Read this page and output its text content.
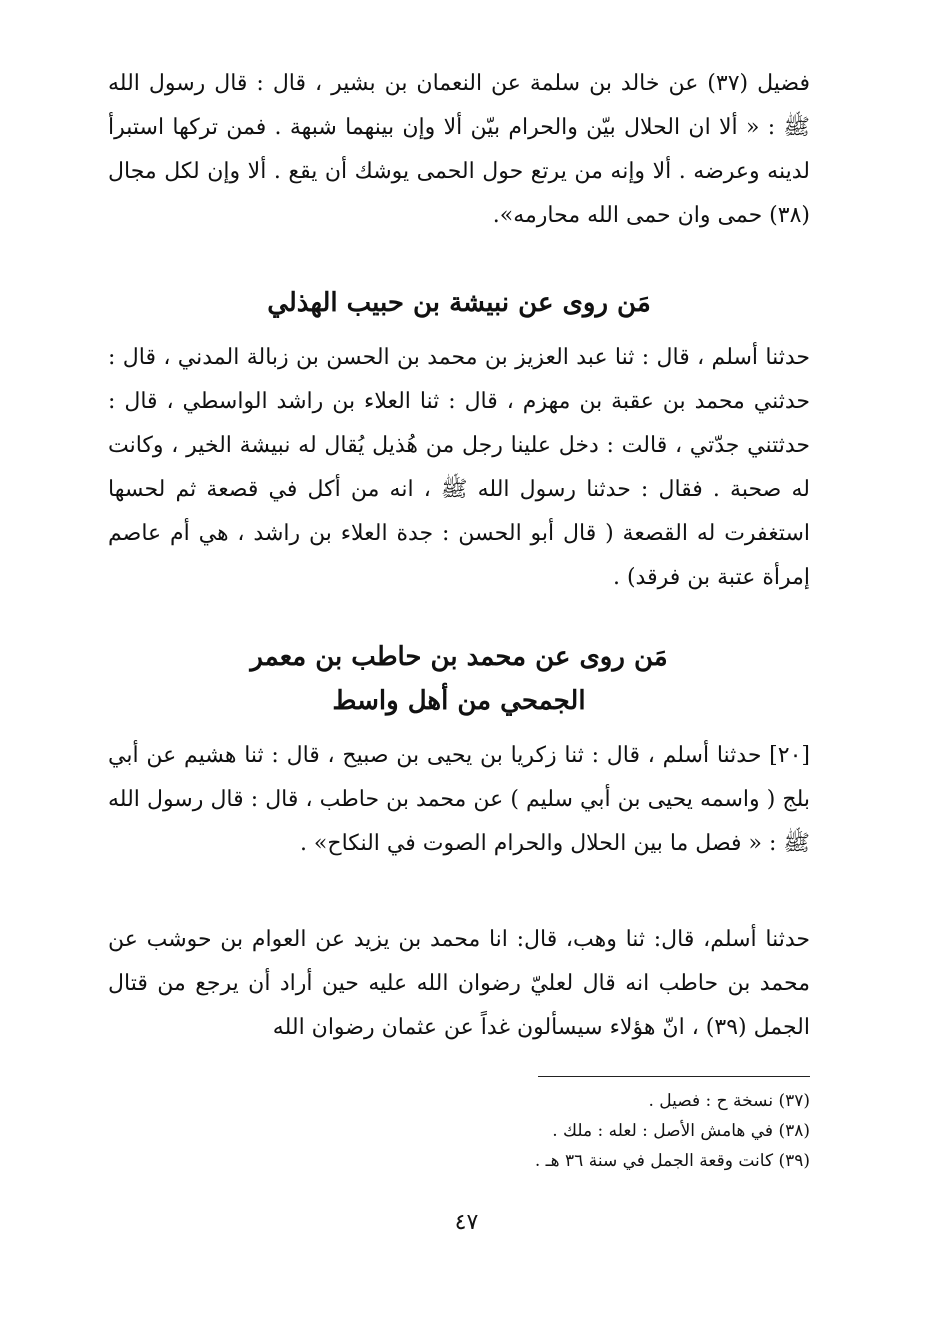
فضيل (٣٧) عن خالد بن سلمة عن النعمان بن بشير ، قال : قال رسول الله ﷺ : « ألا ان الحلال بيّن والحرام بيّن ألا وإن بينهما شبهة . فمن تركها استبرأ لدينه وعرضه . ألا وإنه من يرتع حول الحمى يوشك أن يقع . ألا وإن لكل مجال (٣٨) حمى وان حمى الله محارمه».

مَن روى عن نبيشة بن حبيب الهذلي

حدثنا أسلم ، قال : ثنا عبد العزيز بن محمد بن الحسن بن زبالة المدني ، قال : حدثني محمد بن عقبة بن مهزم ، قال : ثنا العلاء بن راشد الواسطي ، قال : حدثتني جدّتي ، قالت : دخل علينا رجل من هُذيل يُقال له نبيشة الخير ، وكانت له صحبة . فقال : حدثنا رسول الله ﷺ ، انه من أكل في قصعة ثم لحسها استغفرت له القصعة ( قال أبو الحسن : جدة العلاء بن راشد ، هي أم عاصم إمرأة عتبة بن فرقد) .

مَن روى عن محمد بن حاطب بن معمر
الجمحي من أهل واسط

[٢٠] حدثنا أسلم ، قال : ثنا زكريا بن يحيى بن صبيح ، قال : ثنا هشيم عن أبي بلج ( واسمه يحيى بن أبي سليم ) عن محمد بن حاطب ، قال : قال رسول الله ﷺ : « فصل ما بين الحلال والحرام الصوت في النكاح» .

حدثنا أسلم، قال: ثنا وهب، قال: انا محمد بن يزيد عن العوام بن حوشب عن محمد بن حاطب انه قال لعليّ رضوان الله عليه حين أراد أن يرجع من قتال الجمل (٣٩) ، انّ هؤلاء سيسألون غداً عن عثمان رضوان الله

(٣٧) نسخة ح : فصيل .
(٣٨) في هامش الأصل : لعله : ملك .
(٣٩) كانت وقعة الجمل في سنة ٣٦ هـ .
٤٧
